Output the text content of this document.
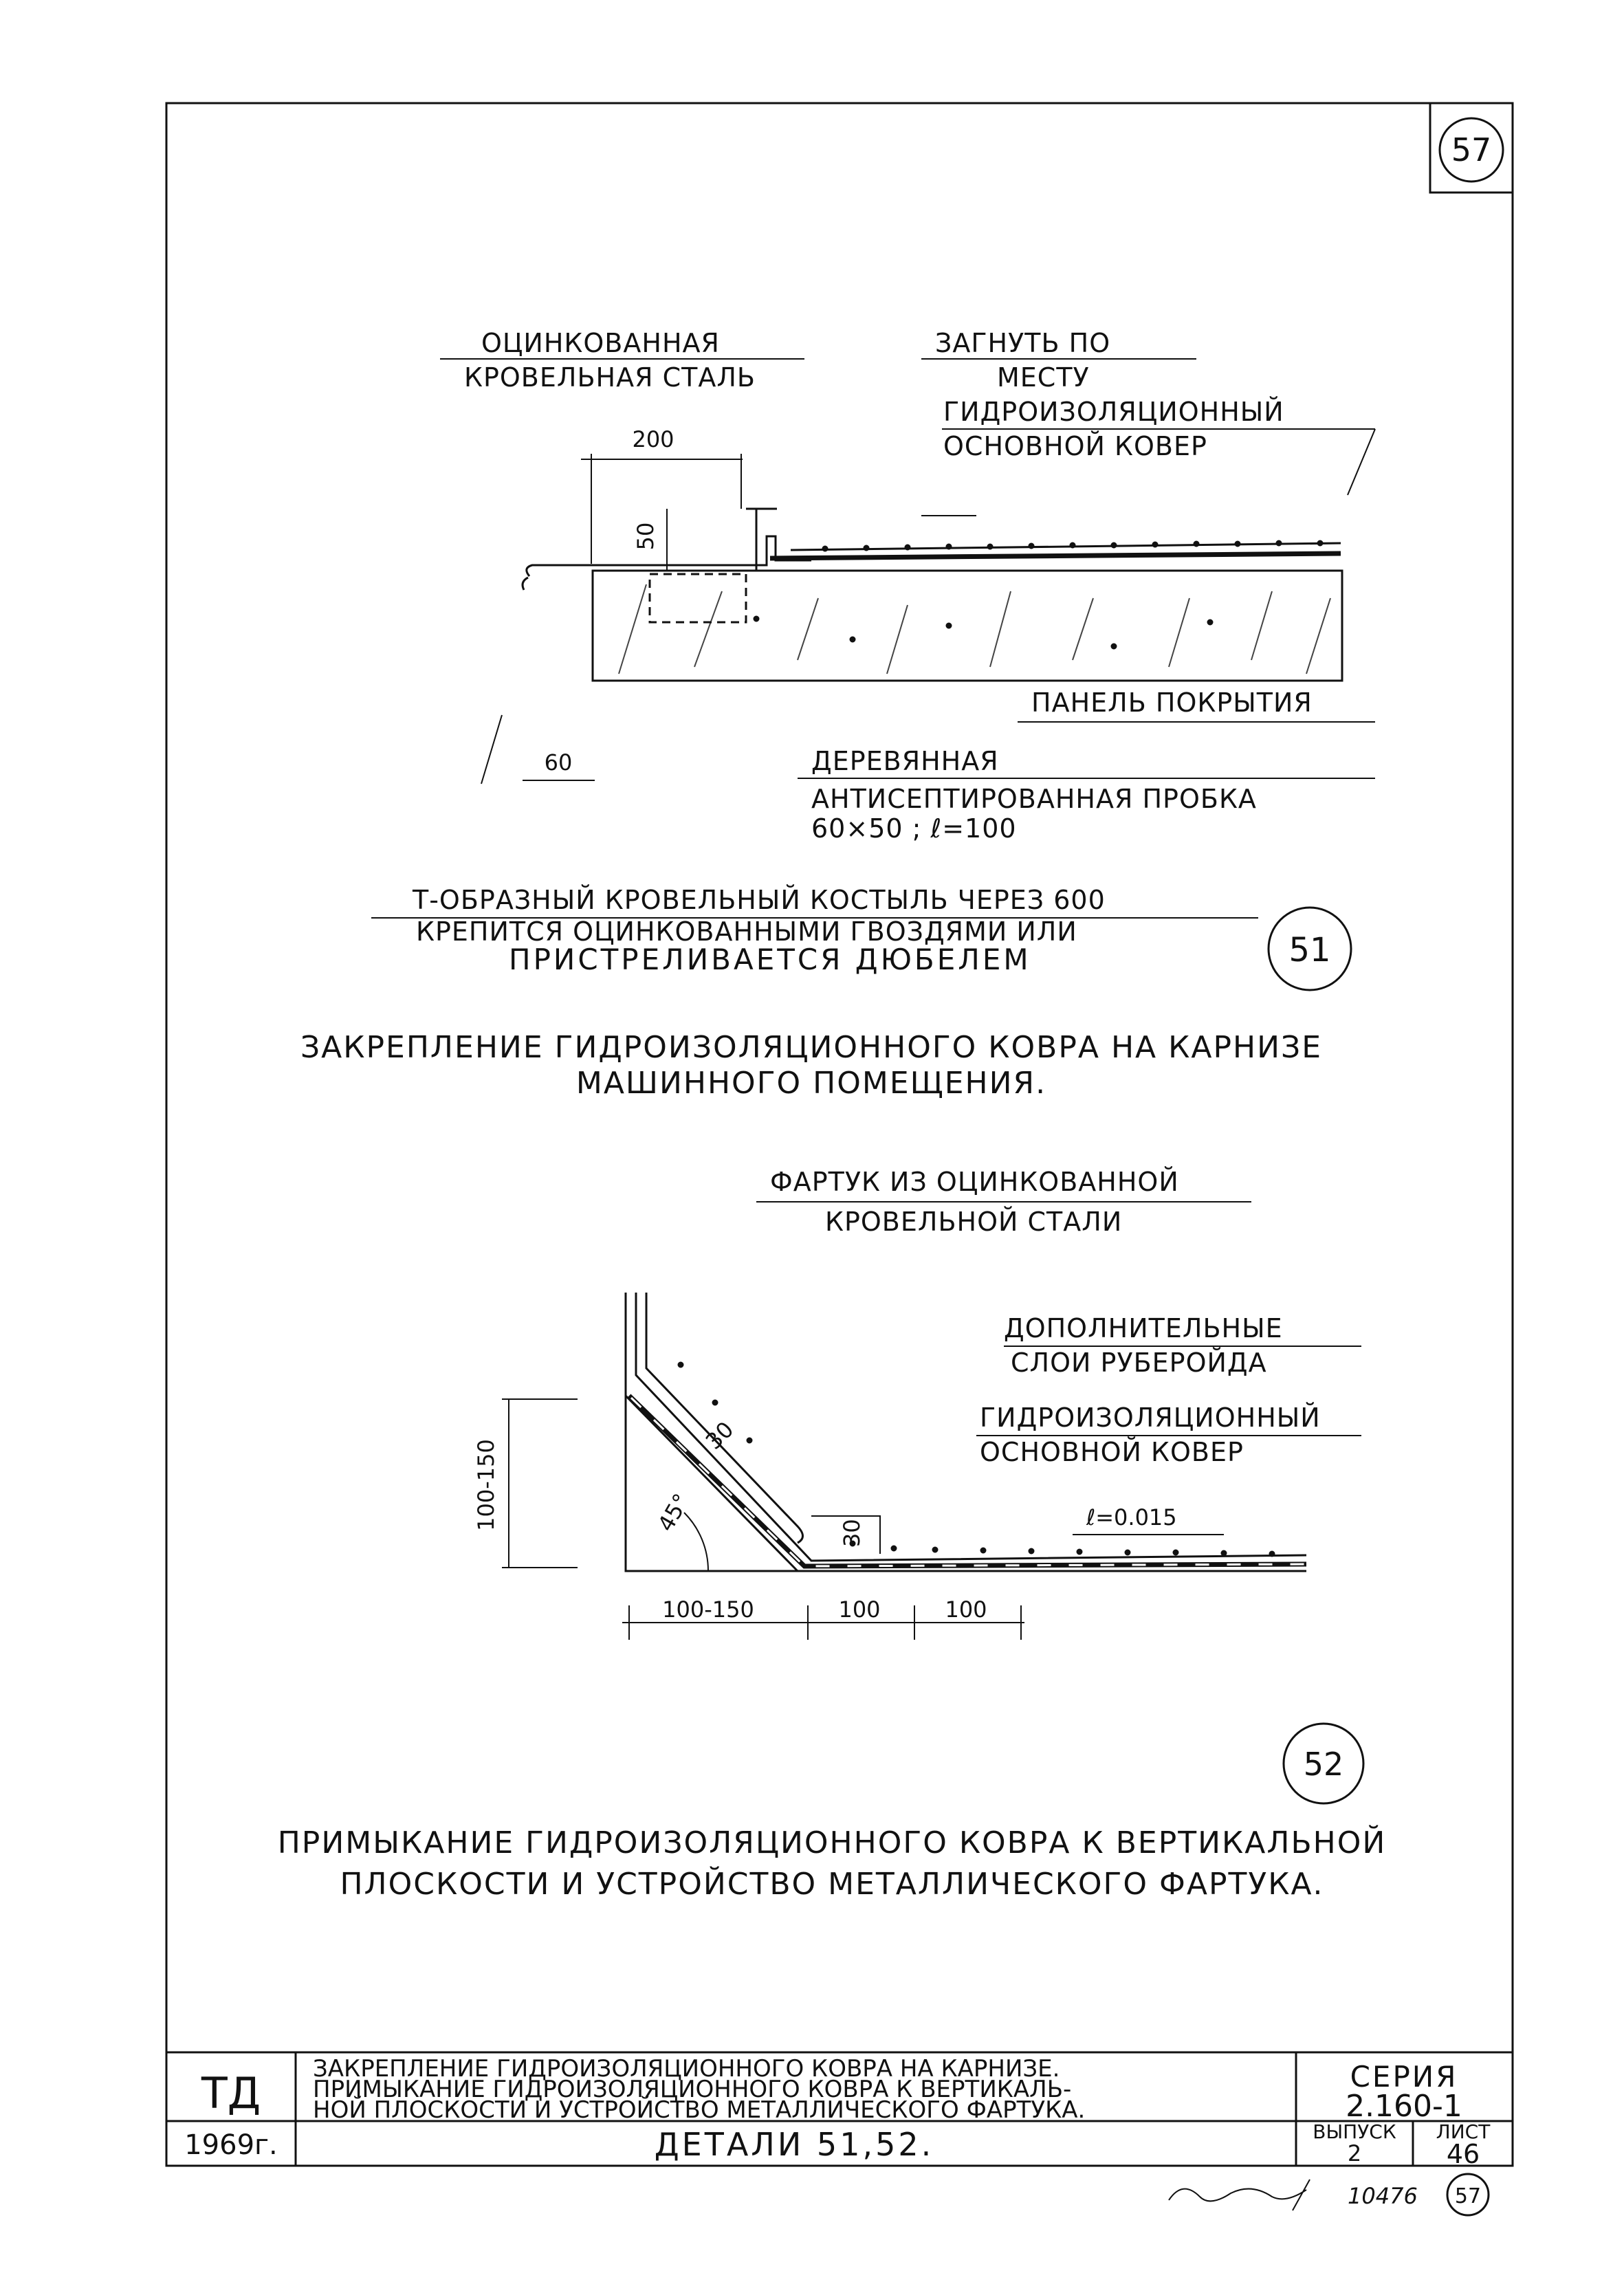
57
ОЦИНКОВАННАЯ
КРОВЕЛЬНАЯ СТАЛЬ
ЗАГНУТЬ ПО
МЕСТУ
ГИДРОИЗОЛЯЦИОННЫЙ
ОСНОВНОЙ КОВЕР
200
50
ПАНЕЛЬ ПОКРЫТИЯ
60	ДЕРЕВЯННАЯ
АНТИСЕПТИРОВАННАЯ ПРОБКА
60×50 ; ℓ=100
Т-ОБРАЗНЫЙ КРОВЕЛЬНЫЙ КОСТЫЛЬ ЧЕРЕЗ 600
КРЕПИТСЯ ОЦИНКОВАННЫМИ ГВОЗДЯМИ ИЛИ
ПРИСТРЕЛИВАЕТСЯ ДЮБЕЛЕМ	51
ЗАКРЕПЛЕНИЕ ГИДРОИЗОЛЯЦИОННОГО КОВРА НА КАРНИЗЕ
МАШИННОГО ПОМЕЩЕНИЯ.
ФАРТУК ИЗ ОЦИНКОВАННОЙ
КРОВЕЛЬНОЙ СТАЛИ
ДОПОЛНИТЕЛЬНЫЕ
СЛОИ РУБЕРОЙДА
ГИДРОИЗОЛЯЦИОННЫЙ
ОСНОВНОЙ КОВЕР
ℓ=0.015
100-150
30
30
45°
100-150	100	100
52
ПРИМЫКАНИЕ ГИДРОИЗОЛЯЦИОННОГО КОВРА К ВЕРТИКАЛЬНОЙ
ПЛОСКОСТИ И УСТРОЙСТВО МЕТАЛЛИЧЕСКОГО ФАРТУКА.
ТД ЗАКРЕПЛЕНИЕ ГИДРОИЗОЛЯЦИОННОГО КОВРА НА КАРНИЗЕ.
ПРИМЫКАНИЕ ГИДРОИЗОЛЯЦИОННОГО КОВРА К ВЕРТИКАЛЬ-
НОЙ ПЛОСКОСТИ И УСТРОЙСТВО МЕТАЛЛИЧЕСКОГО ФАРТУКА.
СЕРИЯ
2.160-1
1969г.	ДЕТАЛИ 51,52.	ВЫПУСК
2
ЛИСТ
46
10476 57
